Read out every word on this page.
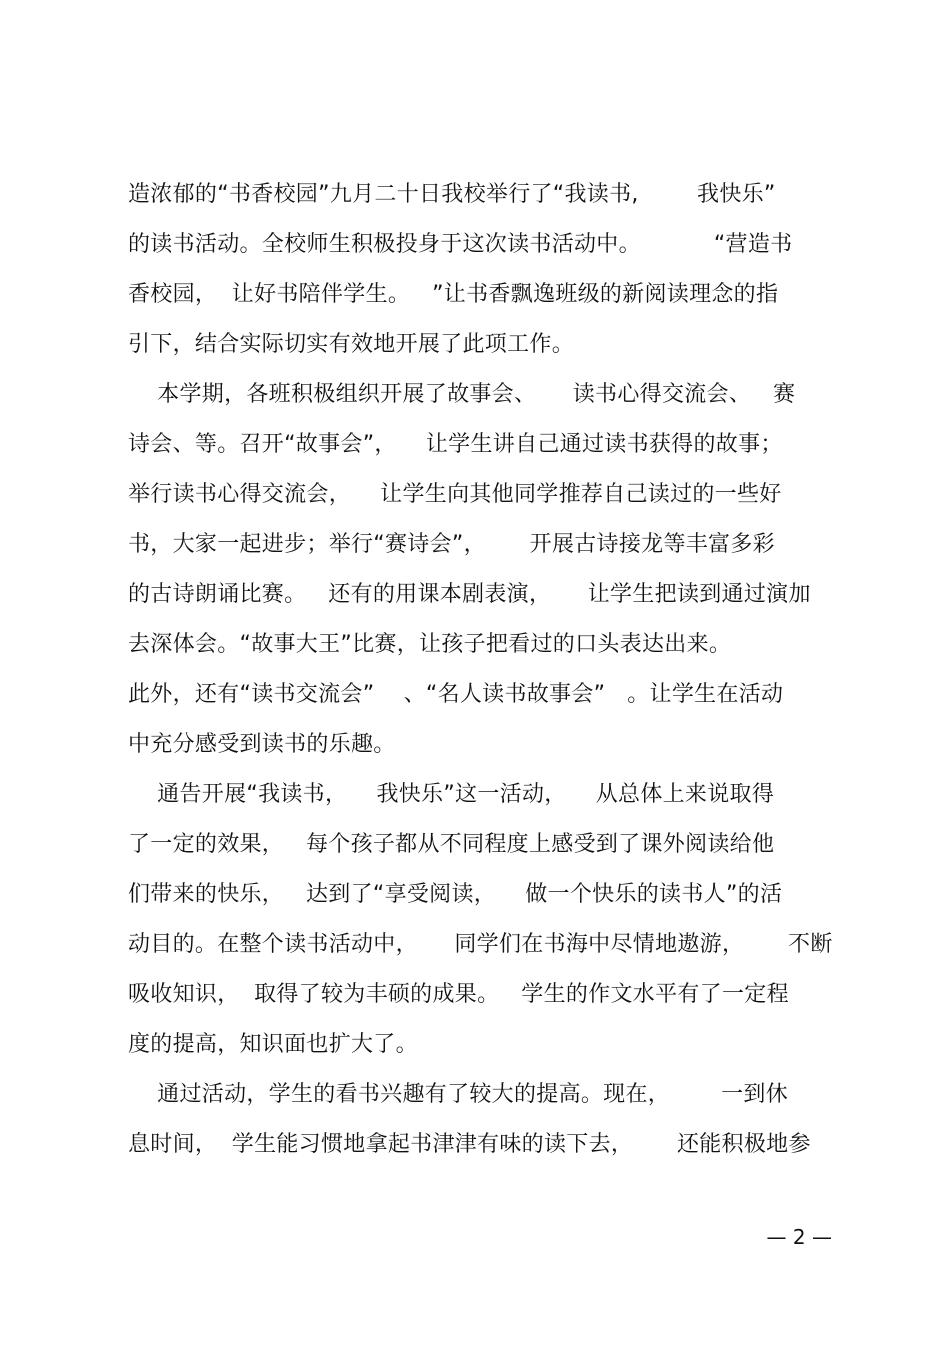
造浓郁的“书香校园”九月二十日我校举行了“我读书,        我快乐”
的读书活动。全校师生积极投身于这次读书活动中。          “营造书
香校园，  让好书陪伴学生。   ”让书香飘逸班级的新阅读理念的指
引下，结合实际切实有效地开展了此项工作。
本学期，各班积极组织开展了故事会、     读书心得交流会、   赛
诗会、等。召开“故事会”，    让学生讲自己通过读书获得的故事；
举行读书心得交流会，    让学生向其他同学推荐自己读过的一些好
书，大家一起进步；举行“赛诗会”，      开展古诗接龙等丰富多彩
的古诗朗诵比赛。   还有的用课本剧表演，     让学生把读到通过演加
去深体会。“故事大王”比赛，让孩子把看过的口头表达出来。
此外，还有“读书交流会”    、“名人读书故事会”   。让学生在活动
中充分感受到读书的乐趣。
通告开展“我读书，    我快乐”这一活动，    从总体上来说取得
了一定的效果，   每个孩子都从不同程度上感受到了课外阅读给他
们带来的快乐，   达到了“享受阅读，    做一个快乐的读书人”的活
动目的。在整个读书活动中，     同学们在书海中尽情地遨游，      不断
吸收知识，  取得了较为丰硕的成果。   学生的作文水平有了一定程
度的提高，知识面也扩大了。
通过活动，学生的看书兴趣有了较大的提高。现在，       一到休
息时间，  学生能习惯地拿起书津津有味的读下去，      还能积极地参
— 2 —
